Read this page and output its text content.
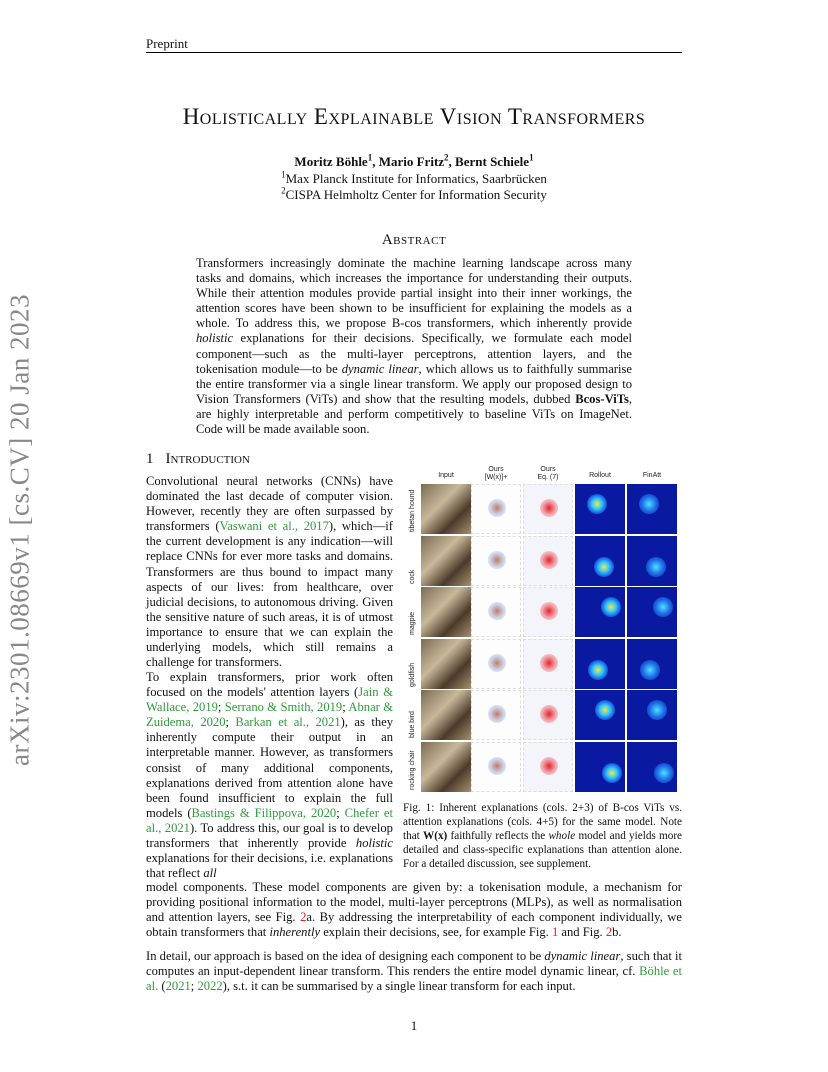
Preprint
Holistically Explainable Vision Transformers
Moritz Böhle$^1$, Mario Fritz$^2$, Bernt Schiele$^1$
$^1$Max Planck Institute for Informatics, Saarbrücken
$^2$CISPA Helmholtz Center for Information Security
Abstract
Transformers increasingly dominate the machine learning landscape across many tasks and domains, which increases the importance for understanding their outputs. While their attention modules provide partial insight into their inner workings, the attention scores have been shown to be insufficient for explaining the models as a whole. To address this, we propose B-cos transformers, which inherently provide holistic explanations for their decisions. Specifically, we formulate each model component—such as the multi-layer perceptrons, attention layers, and the tokenisation module—to be dynamic linear, which allows us to faithfully summarise the entire transformer via a single linear transform. We apply our proposed design to Vision Transformers (ViTs) and show that the resulting models, dubbed Bcos-ViTs, are highly interpretable and perform competitively to baseline ViTs on ImageNet. Code will be made available soon.
1 Introduction
Convolutional neural networks (CNNs) have dominated the last decade of computer vision. However, recently they are often surpassed by transformers (Vaswani et al., 2017), which—if the current development is any indication—will replace CNNs for ever more tasks and domains. Transformers are thus bound to impact many aspects of our lives: from healthcare, over judicial decisions, to autonomous driving. Given the sensitive nature of such areas, it is of utmost importance to ensure that we can explain the underlying models, which still remains a challenge for transformers.
To explain transformers, prior work often focused on the models' attention layers (Jain & Wallace, 2019; Serrano & Smith, 2019; Abnar & Zuidema, 2020; Barkan et al., 2021), as they inherently compute their output in an interpretable manner. However, as transformers consist of many additional components, explanations derived from attention alone have been found insufficient to explain the full models (Bastings & Filippova, 2020; Chefer et al., 2021). To address this, our goal is to develop transformers that inherently provide holistic explanations for their decisions, i.e. explanations that reflect all
model components. These model components are given by: a tokenisation module, a mechanism for providing positional information to the model, multi-layer perceptrons (MLPs), as well as normalisation and attention layers, see Fig. 2a. By addressing the interpretability of each component individually, we obtain transformers that inherently explain their decisions, see, for example Fig. 1 and Fig. 2b.
In detail, our approach is based on the idea of designing each component to be dynamic linear, such that it computes an input-dependent linear transform. This renders the entire model dynamic linear, cf. Böhle et al. (2021; 2022), s.t. it can be summarised by a single linear transform for each input.
Input
Ours
[W(x)]+
Ours
Eq. (7)	Rollout	FinAtt
tibetan hound
cock
magpie
goldfish
blue bird
rocking chair
Fig. 1: Inherent explanations (cols. 2+3) of B-cos ViTs vs. attention explanations (cols. 4+5) for the same model. Note that W(x) faithfully reflects the whole model and yields more detailed and class-specific explanations than attention alone. For a detailed discussion, see supplement.
arXiv:2301.08669v1 [cs.CV] 20 Jan 2023
1
